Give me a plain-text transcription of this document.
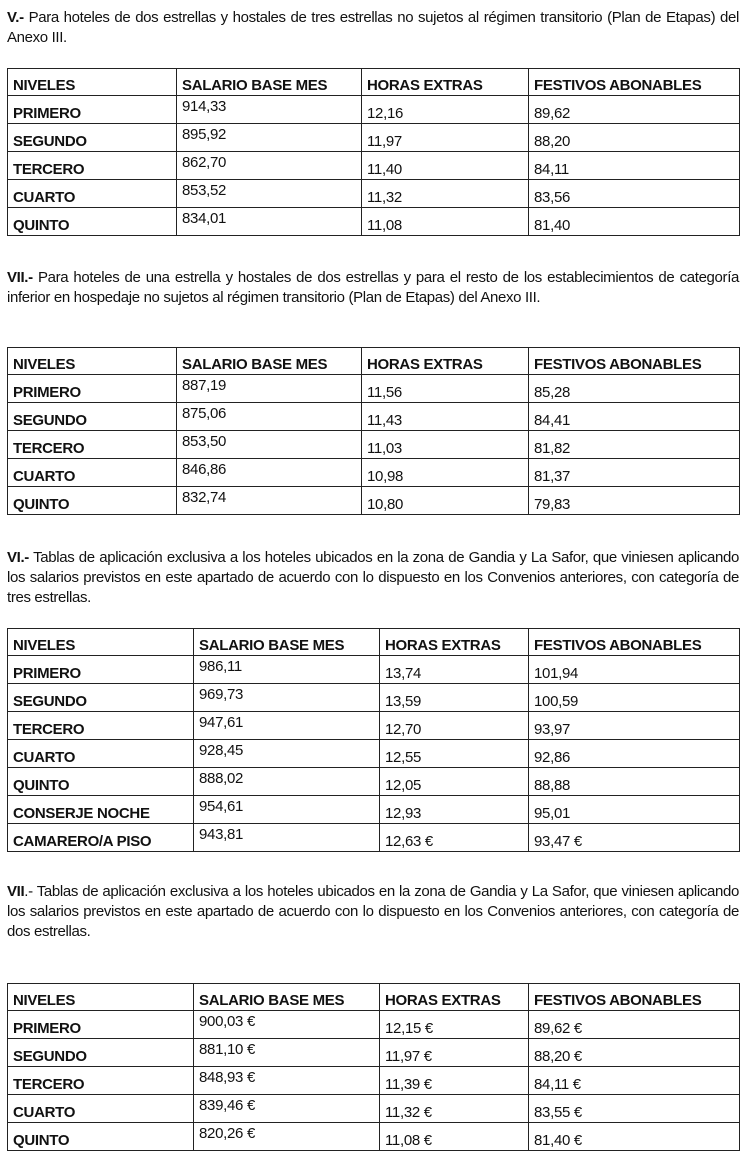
V.- Para hoteles de dos estrellas y hostales de tres estrellas no sujetos al régimen transitorio (Plan de Etapas) del Anexo III.
NIVELES	SALARIO BASE MES	HORAS EXTRAS	FESTIVOS ABONABLES
PRIMERO	914,33	12,16	89,62
SEGUNDO	895,92	11,97	88,20
TERCERO	862,70	11,40	84,11
CUARTO	853,52	11,32	83,56
QUINTO	834,01	11,08	81,40
VII.- Para hoteles de una estrella y hostales de dos estrellas y para el resto de los establecimientos de categoría inferior en hospedaje no sujetos al régimen transitorio (Plan de Etapas) del Anexo III.
NIVELES	SALARIO BASE MES	HORAS EXTRAS	FESTIVOS ABONABLES
PRIMERO	887,19	11,56	85,28
SEGUNDO	875,06	11,43	84,41
TERCERO	853,50	11,03	81,82
CUARTO	846,86	10,98	81,37
QUINTO	832,74	10,80	79,83
VI.- Tablas de aplicación exclusiva a los hoteles ubicados en la zona de Gandia y La Safor, que viniesen aplicando los salarios previstos en este apartado de acuerdo con lo dispuesto en los Convenios anteriores, con categoría de tres estrellas.
NIVELES	SALARIO BASE MES	HORAS EXTRAS	FESTIVOS ABONABLES
PRIMERO	986,11	13,74	101,94
SEGUNDO	969,73	13,59	100,59
TERCERO	947,61	12,70	93,97
CUARTO	928,45	12,55	92,86
QUINTO	888,02	12,05	88,88
CONSERJE NOCHE	954,61	12,93	95,01
CAMARERO/A PISO	943,81	12,63 €	93,47 €
VII.- Tablas de aplicación exclusiva a los hoteles ubicados en la zona de Gandia y La Safor, que viniesen aplicando los salarios previstos en este apartado de acuerdo con lo dispuesto en los Convenios anteriores, con categoría de dos estrellas.
NIVELES	SALARIO BASE MES	HORAS EXTRAS	FESTIVOS ABONABLES
PRIMERO	900,03 €	12,15 €	89,62 €
SEGUNDO	881,10 €	11,97 €	88,20 €
TERCERO	848,93 €	11,39 €	84,11 €
CUARTO	839,46 €	11,32 €	83,55 €
QUINTO	820,26 €	11,08 €	81,40 €
